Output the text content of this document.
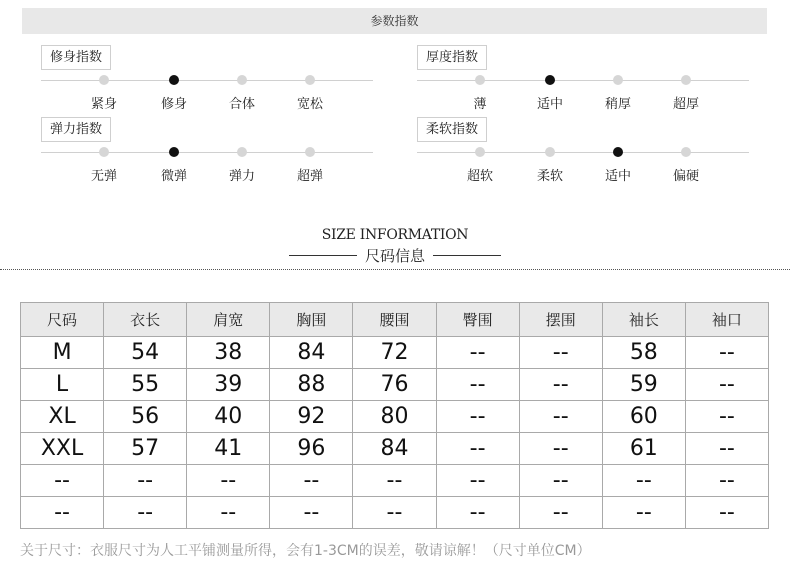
参数指数
修身指数
紧身	修身	合体	宽松
厚度指数
薄	适中	稍厚	超厚
弹力指数
无弹	微弹	弹力	超弹
柔软指数
超软	柔软	适中	偏硬
SIZE INFORMATION
尺码信息
尺码	衣长	肩宽	胸围	腰围	臀围	摆围	袖长	袖口
M	54	38	84	72	--	--	58	--
L	55	39	88	76	--	--	59	--
XL	56	40	92	80	--	--	60	--
XXL	57	41	96	84	--	--	61	--
--	--	--	--	--	--	--	--	--
--	--	--	--	--	--	--	--	--
关于尺寸：衣服尺寸为人工平铺测量所得，会有1-3CM的误差，敬请谅解！（尺寸单位CM）
